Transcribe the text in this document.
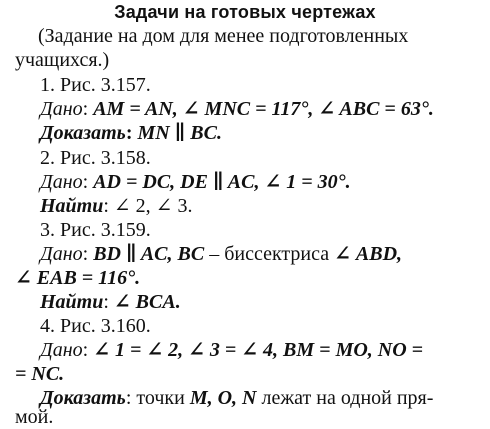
Задачи на готовых чертежах
(Задание на дом для менее подготовленных
учащихся.)
1. Рис. 3.157.
Дано: AM = AN, ∠ MNC = 117°, ∠ ABC = 63°.
Доказать: MN ∥ BC.
2. Рис. 3.158.
Дано: AD = DC, DE ∥ AC, ∠ 1 = 30°.
Найти: ∠ 2, ∠ 3.
3. Рис. 3.159.
Дано: BD ∥ AC, BC – биссектриса ∠ ABD,
∠ EAB = 116°.
Найти: ∠ BCA.
4. Рис. 3.160.
Дано: ∠ 1 = ∠ 2, ∠ 3 = ∠ 4, BM = MO, NO =
= NC.
Доказать: точки M, O, N лежат на одной пря-
мой.
